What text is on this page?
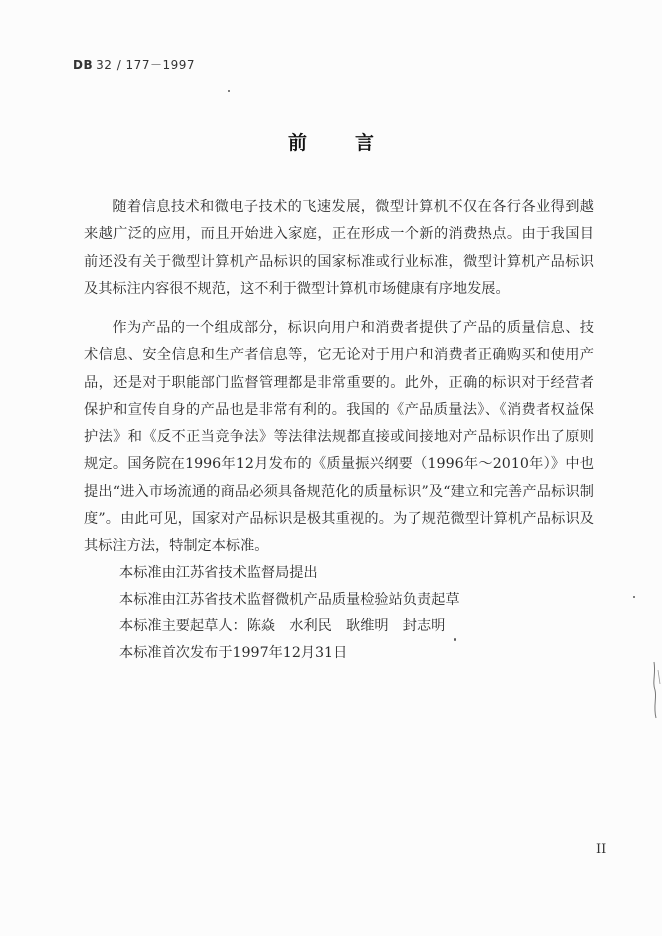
DB 32 / 177－1997
前言

随着信息技术和微电子技术的飞速发展，微型计算机不仅在各行各业得到越来越广泛的应用，而且开始进入家庭，正在形成一个新的消费热点。由于我国目前还没有关于微型计算机产品标识的国家标准或行业标准，微型计算机产品标识及其标注内容很不规范，这不利于微型计算机市场健康有序地发展。

作为产品的一个组成部分，标识向用户和消费者提供了产品的质量信息、技术信息、安全信息和生产者信息等，它无论对于用户和消费者正确购买和使用产品，还是对于职能部门监督管理都是非常重要的。此外，正确的标识对于经营者保护和宣传自身的产品也是非常有利的。我国的《产品质量法》、《消费者权益保护法》和《反不正当竞争法》等法律法规都直接或间接地对产品标识作出了原则规定。国务院在1996年12月发布的《质量振兴纲要（1996年～2010年）》中也提出“进入市场流通的商品必须具备规范化的质量标识”及“建立和完善产品标识制度”。由此可见，国家对产品标识是极其重视的。为了规范微型计算机产品标识及其标注方法，特制定本标准。

本标准由江苏省技术监督局提出
本标准由江苏省技术监督微机产品质量检验站负责起草
本标准主要起草人：陈焱　水利民　耿维明　封志明
本标准首次发布于1997年12月31日
II
